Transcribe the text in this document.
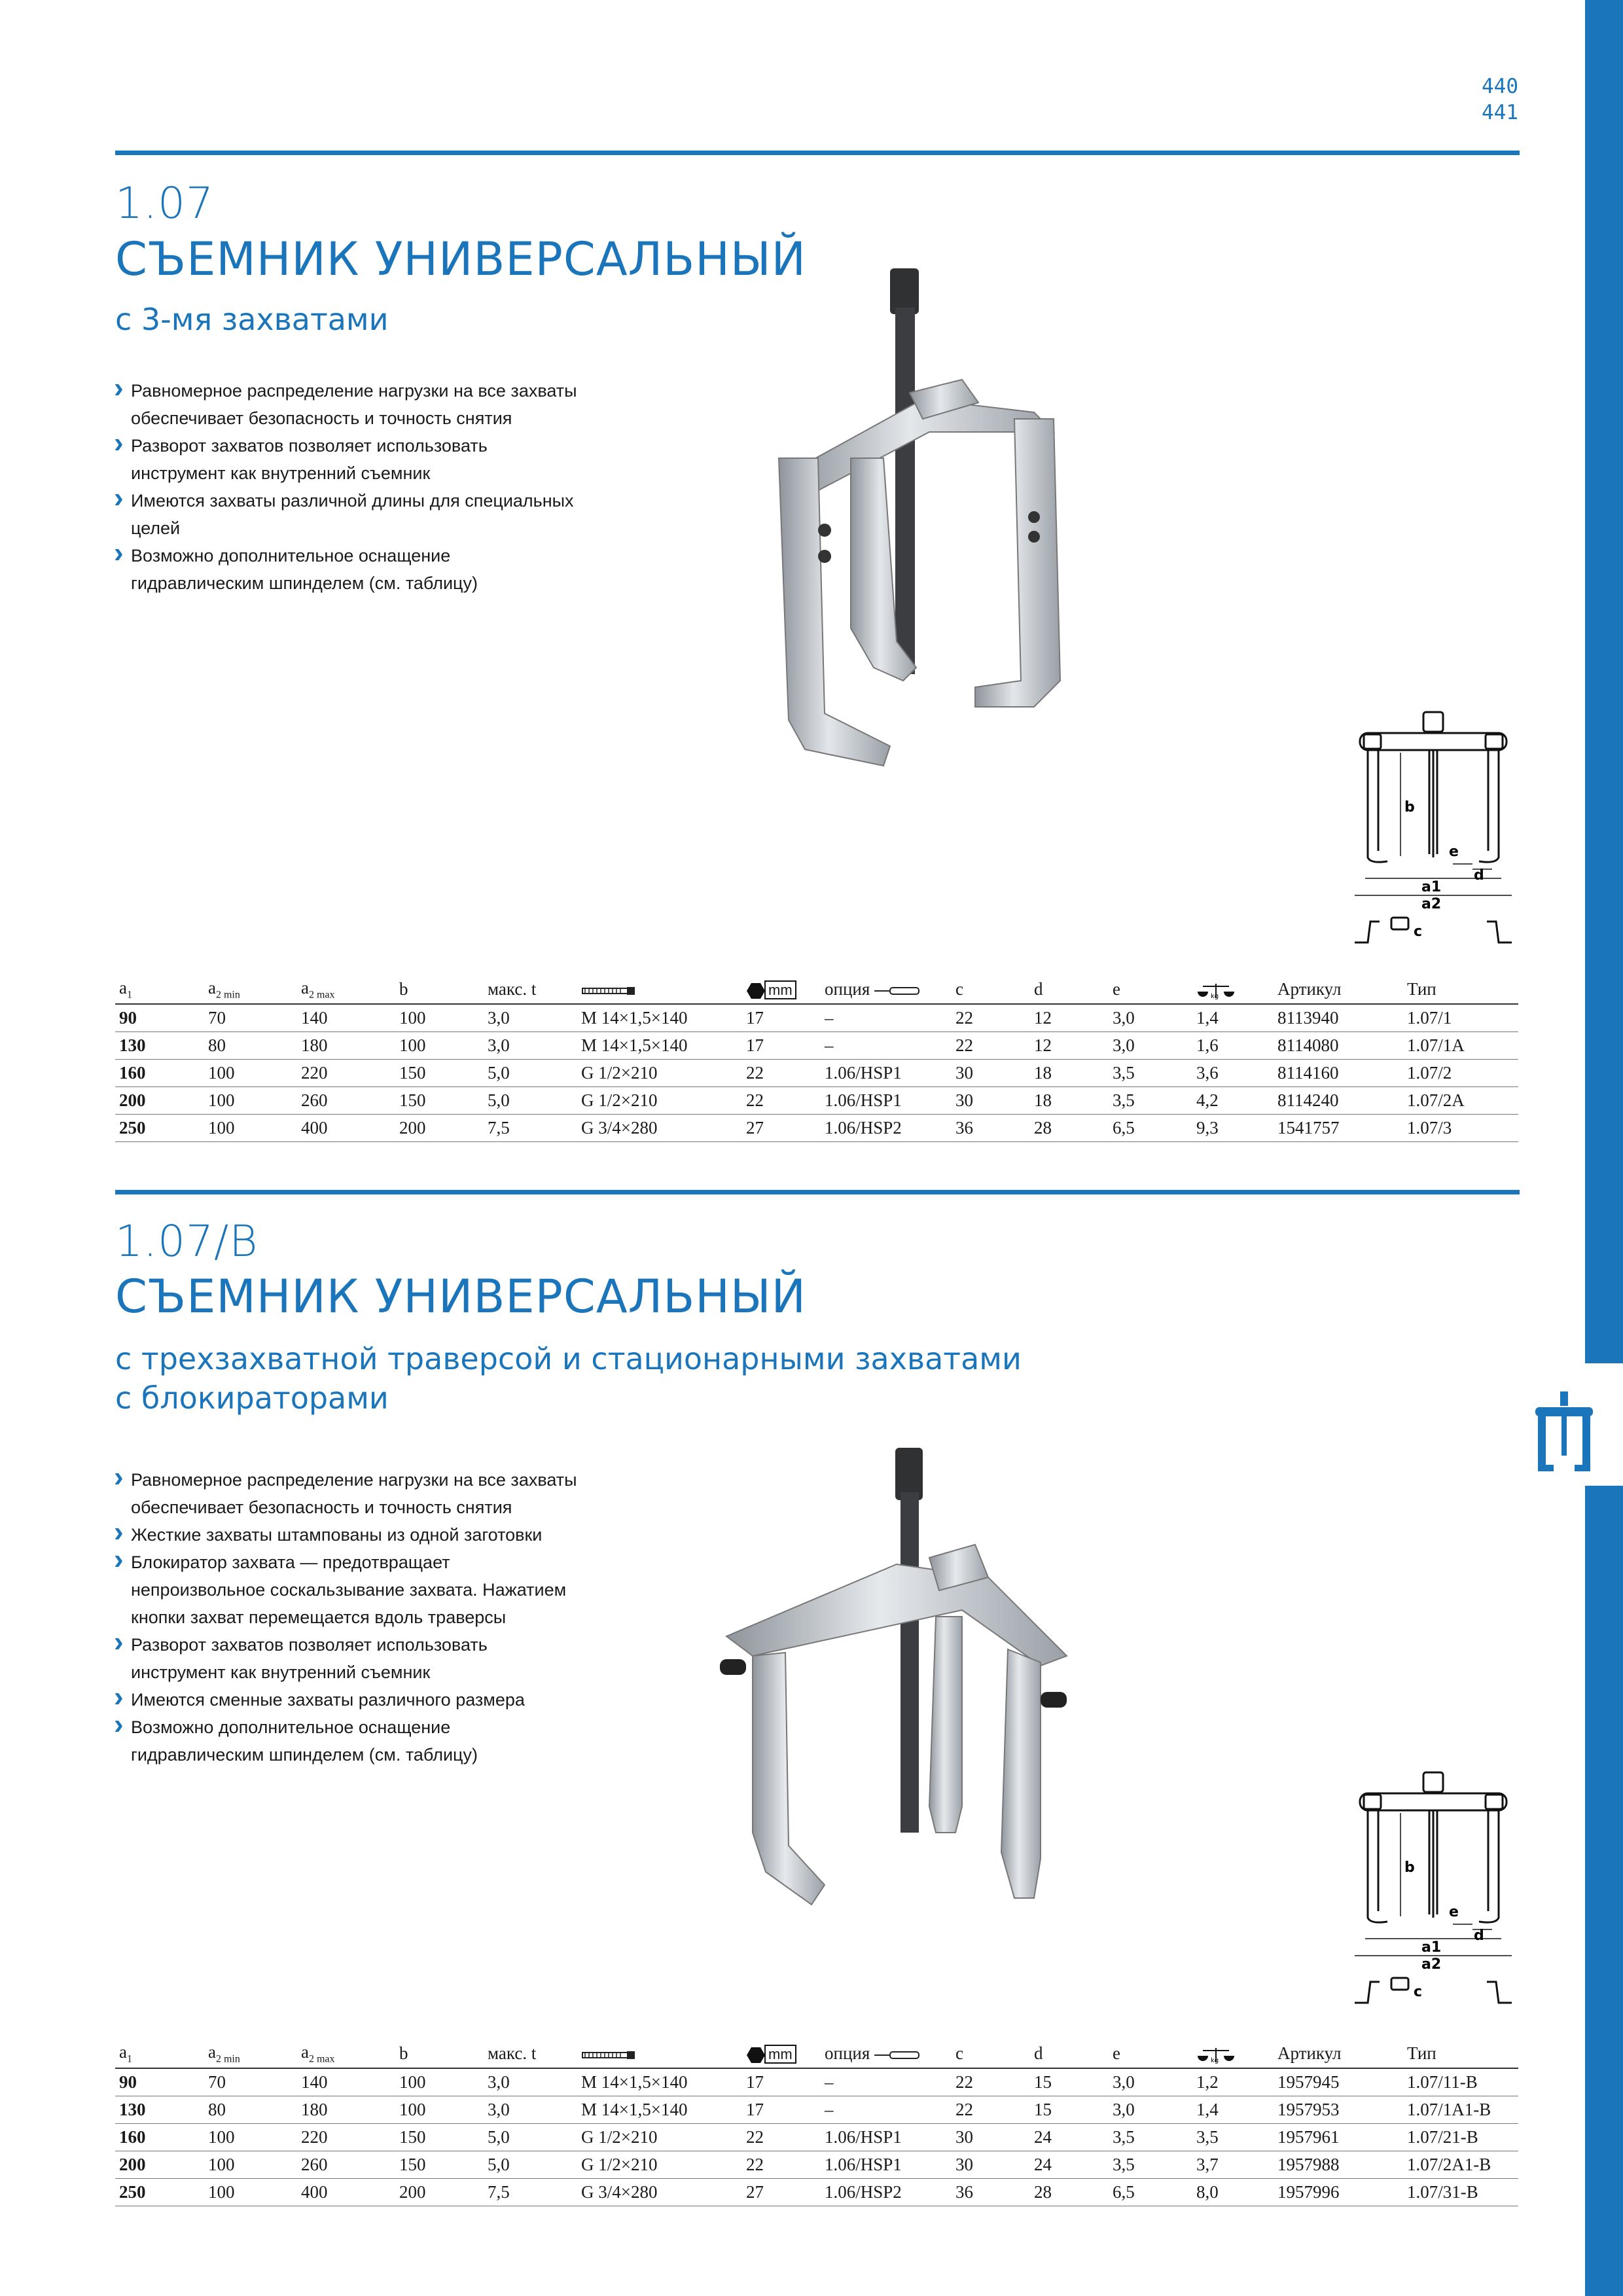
440
441
1.07
СЪЕМНИК УНИВЕРСАЛЬНЫЙ
с 3-мя захватами
› Равномерное распределение нагрузки на все захваты обеспечивает безопасность и точность снятия
› Разворот захватов позволяет использовать инструмент как внутренний съемник
› Имеются захваты различной длины для специальных целей
› Возможно дополнительное оснащение гидравлическим шпинделем (см. таблицу)
b
e
d
a1
a2
c
$a_1$	$a_{2 min}$	$a_{2 max}$	b	макс. t		mm	опция	c	d	e	kg	Артикул	Тип
90	70	140	100	3,0	M 14×1,5×140	17	–	22	12	3,0	1,4	8113940	1.07/1
130	80	180	100	3,0	M 14×1,5×140	17	–	22	12	3,0	1,6	8114080	1.07/1A
160	100	220	150	5,0	G 1/2×210	22	1.06/HSP1	30	18	3,5	3,6	8114160	1.07/2
200	100	260	150	5,0	G 1/2×210	22	1.06/HSP1	30	18	3,5	4,2	8114240	1.07/2A
250	100	400	200	7,5	G 3/4×280	27	1.06/HSP2	36	28	6,5	9,3	1541757	1.07/3
1.07/B
СЪЕМНИК УНИВЕРСАЛЬНЫЙ
с трехзахватной траверсой и стационарными захватами
с блокираторами
› Равномерное распределение нагрузки на все захваты обеспечивает безопасность и точность снятия
› Жесткие захваты штампованы из одной заготовки
› Блокиратор захвата — предотвращает непроизвольное соскальзывание захвата. Нажатием кнопки захват перемещается вдоль траверсы
› Разворот захватов позволяет использовать инструмент как внутренний съемник
› Имеются сменные захваты различного размера
› Возможно дополнительное оснащение гидравлическим шпинделем (см. таблицу)
b
e
d
a1
a2
c
$a_1$	$a_{2 min}$	$a_{2 max}$	b	макс. t		mm	опция	c	d	e	kg	Артикул	Тип
90	70	140	100	3,0	M 14×1,5×140	17	–	22	15	3,0	1,2	1957945	1.07/11-B
130	80	180	100	3,0	M 14×1,5×140	17	–	22	15	3,0	1,4	1957953	1.07/1A1-B
160	100	220	150	5,0	G 1/2×210	22	1.06/HSP1	30	24	3,5	3,5	1957961	1.07/21-B
200	100	260	150	5,0	G 1/2×210	22	1.06/HSP1	30	24	3,5	3,7	1957988	1.07/2A1-B
250	100	400	200	7,5	G 3/4×280	27	1.06/HSP2	36	28	6,5	8,0	1957996	1.07/31-B
